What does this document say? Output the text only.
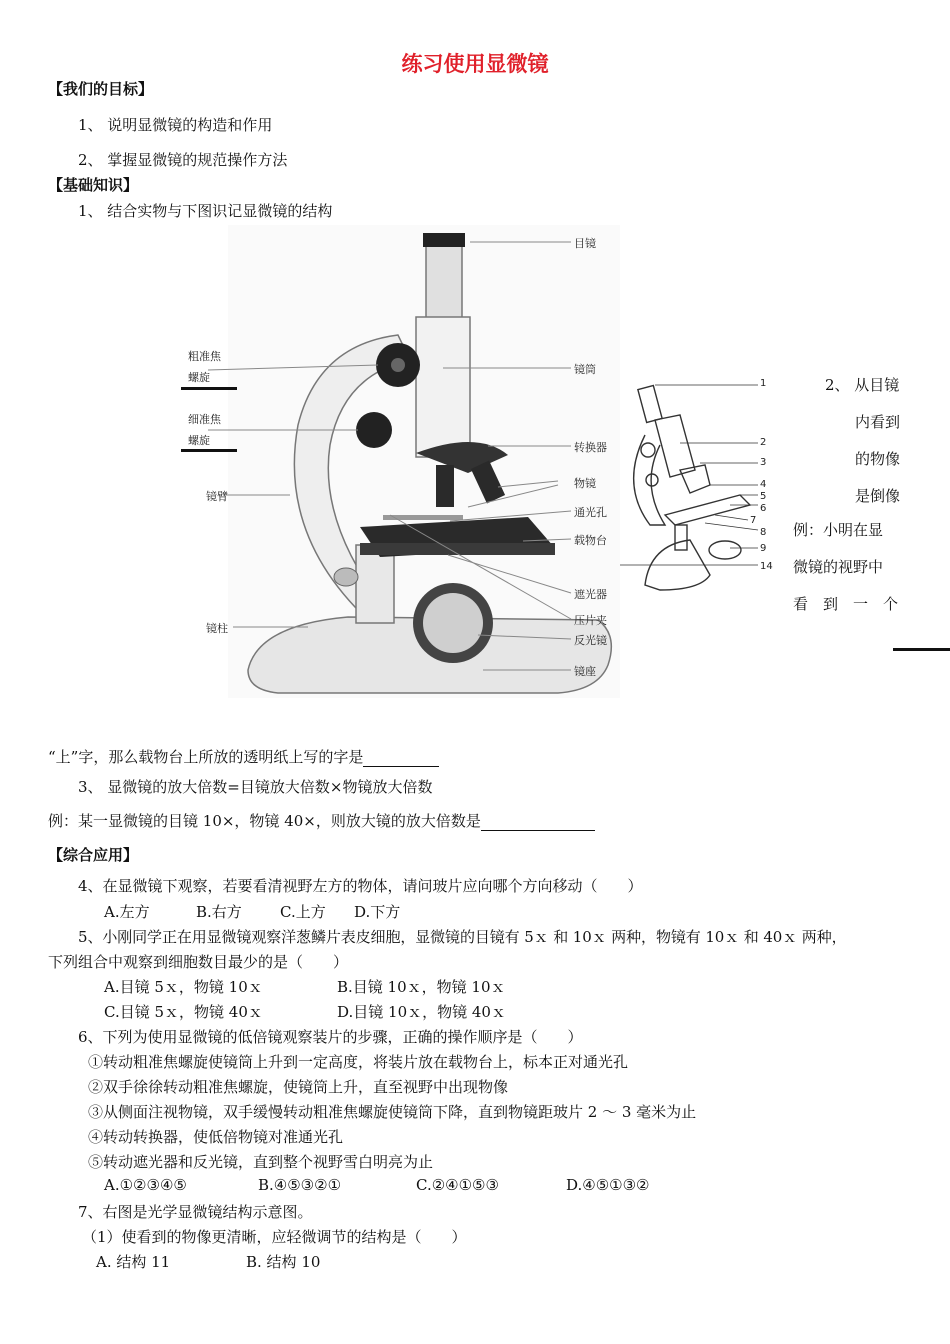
练习使用显微镜
【我们的目标】
1、 说明显微镜的构造和作用
2、 掌握显微镜的规范操作方法
【基础知识】
1、 结合实物与下图识记显微镜的结构
目镜
粗准焦
螺旋
细准焦
螺旋
镜筒
转换器
镜臂
物镜
通光孔
载物台
遮光器
镜柱
压片夹
反光镜
镜座
1
2
3
4
5
6
7
8
9
14
2、 从目镜
内看到
的物像
是倒像
例：小明在显
微镜的视野中
看　到　一　个
“上”字，那么载物台上所放的透明纸上写的字是
3、 显微镜的放大倍数=目镜放大倍数×物镜放大倍数
例：某一显微镜的目镜 10×，物镜 40×，则放大镜的放大倍数是
【综合应用】
4、在显微镜下观察，若要看清视野左方的物体，请问玻片应向哪个方向移动（　　）
A.左方	B.右方	C.上方 D.下方
5、小刚同学正在用显微镜观察洋葱鳞片表皮细胞，显微镜的目镜有 5ｘ 和 10ｘ 两种，物镜有 10ｘ 和 40ｘ 两种，
下列组合中观察到细胞数目最少的是（　　）
A.目镜 5ｘ，物镜 10ｘ	B.目镜 10ｘ，物镜 10ｘ
C.目镜 5ｘ，物镜 40ｘ	D.目镜 10ｘ，物镜 40ｘ
6、下列为使用显微镜的低倍镜观察装片的步骤，正确的操作顺序是（　　）
①转动粗准焦螺旋使镜筒上升到一定高度，将装片放在载物台上，标本正对通光孔
②双手徐徐转动粗准焦螺旋，使镜筒上升，直至视野中出现物像
③从侧面注视物镜，双手缓慢转动粗准焦螺旋使镜筒下降，直到物镜距玻片 2 ～ 3 毫米为止
④转动转换器，使低倍物镜对准通光孔
⑤转动遮光器和反光镜，直到整个视野雪白明亮为止
A.①②③④⑤	B.④⑤③②①	C.②④①⑤③	D.④⑤①③②
7、右图是光学显微镜结构示意图。
（1）使看到的物像更清晰，应轻微调节的结构是（　　）
A. 结构 11	B. 结构 10
